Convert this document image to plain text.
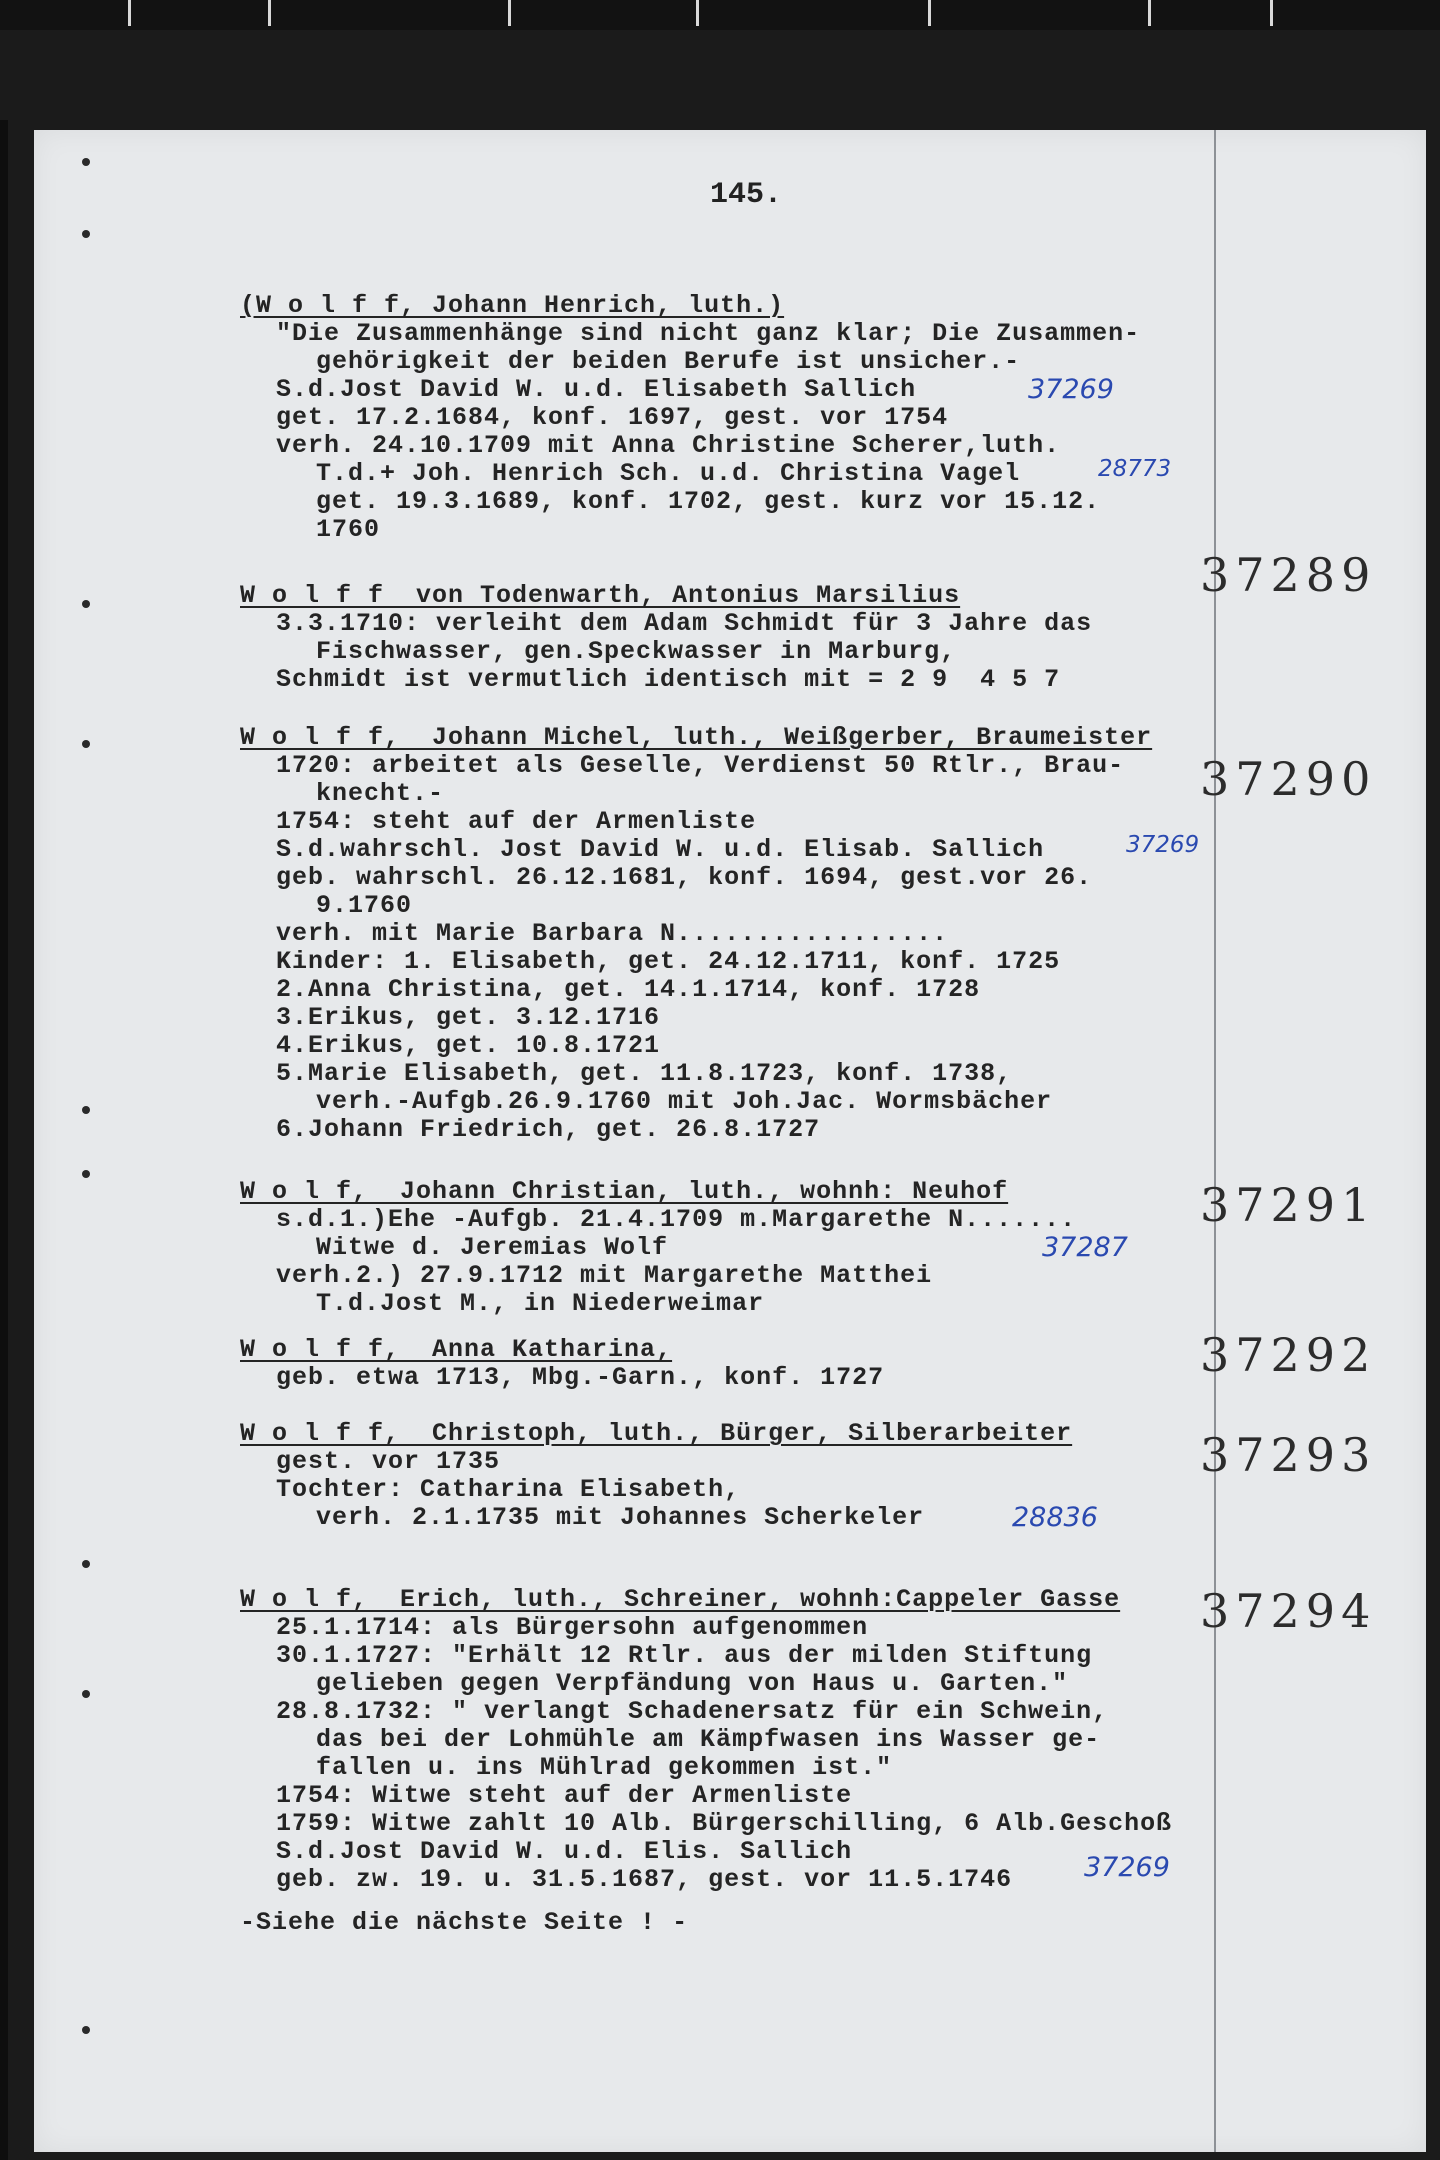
145.
(W o l f f, Johann Henrich, luth.)
"Die Zusammenhänge sind nicht ganz klar; Die Zusammen-
gehörigkeit der beiden Berufe ist unsicher.-
S.d.Jost David W. u.d. Elisabeth Sallich
get. 17.2.1684, konf. 1697, gest. vor 1754
verh. 24.10.1709 mit Anna Christine Scherer,luth.
T.d.+ Joh. Henrich Sch. u.d. Christina Vagel
get. 19.3.1689, konf. 1702, gest. kurz vor 15.12.
1760
37269
28773
37289
W o l f f  von Todenwarth, Antonius Marsilius
3.3.1710: verleiht dem Adam Schmidt für 3 Jahre das
Fischwasser, gen.Speckwasser in Marburg,
Schmidt ist vermutlich identisch mit = 2 9  4 5 7
37290
W o l f f,  Johann Michel, luth., Weißgerber, Braumeister
1720: arbeitet als Geselle, Verdienst 50 Rtlr., Brau-
knecht.-
1754: steht auf der Armenliste
S.d.wahrschl. Jost David W. u.d. Elisab. Sallich
geb. wahrschl. 26.12.1681, konf. 1694, gest.vor 26.
9.1760
verh. mit Marie Barbara N.................
Kinder: 1. Elisabeth, get. 24.12.1711, konf. 1725
2.Anna Christina, get. 14.1.1714, konf. 1728
3.Erikus, get. 3.12.1716
4.Erikus, get. 10.8.1721
5.Marie Elisabeth, get. 11.8.1723, konf. 1738,
verh.-Aufgb.26.9.1760 mit Joh.Jac. Wormsbächer
6.Johann Friedrich, get. 26.8.1727
37269
37291
W o l f,  Johann Christian, luth., wohnh: Neuhof
s.d.1.)Ehe -Aufgb. 21.4.1709 m.Margarethe N.......
Witwe d. Jeremias Wolf
verh.2.) 27.9.1712 mit Margarethe Matthei
T.d.Jost M., in Niederweimar
37287
37292
W o l f f,  Anna Katharina,
geb. etwa 1713, Mbg.-Garn., konf. 1727
37293
W o l f f,  Christoph, luth., Bürger, Silberarbeiter
gest. vor 1735
Tochter: Catharina Elisabeth,
verh. 2.1.1735 mit Johannes Scherkeler	28836
37294
W o l f,  Erich, luth., Schreiner, wohnh:Cappeler Gasse
25.1.1714: als Bürgersohn aufgenommen
30.1.1727: "Erhält 12 Rtlr. aus der milden Stiftung
gelieben gegen Verpfändung von Haus u. Garten."
28.8.1732: " verlangt Schadenersatz für ein Schwein,
das bei der Lohmühle am Kämpfwasen ins Wasser ge-
fallen u. ins Mühlrad gekommen ist."
1754: Witwe steht auf der Armenliste
1759: Witwe zahlt 10 Alb. Bürgerschilling, 6 Alb.Geschoß
S.d.Jost David W. u.d. Elis. Sallich
geb. zw. 19. u. 31.5.1687, gest. vor 11.5.1746	37269
-Siehe die nächste Seite ! -
